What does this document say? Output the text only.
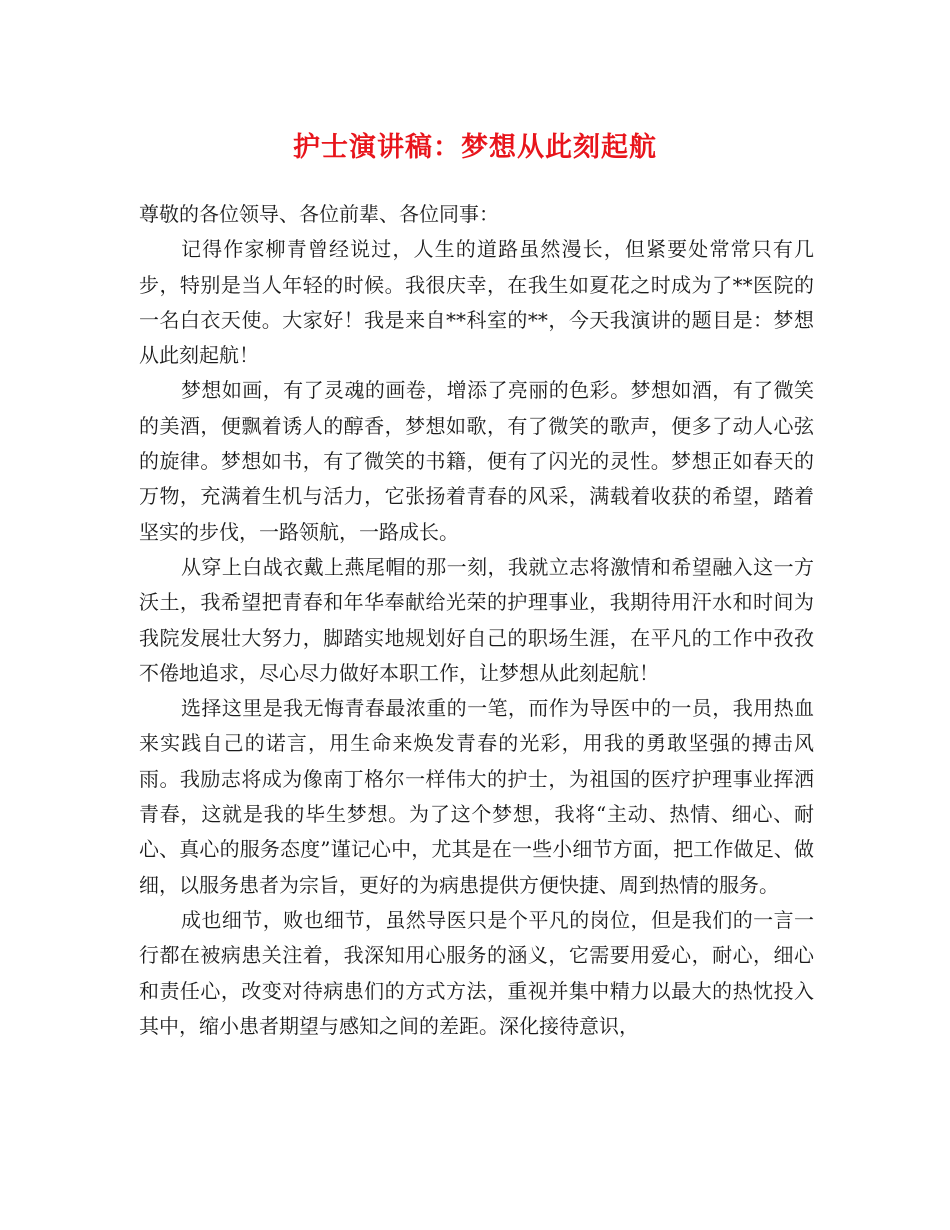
护士演讲稿：梦想从此刻起航

尊敬的各位领导、各位前辈、各位同事：

记得作家柳青曾经说过，人生的道路虽然漫长，但紧要处常常只有几步，特别是当人年轻的时候。我很庆幸，在我生如夏花之时成为了**医院的一名白衣天使。大家好！我是来自**科室的**，今天我演讲的题目是：梦想从此刻起航！

梦想如画，有了灵魂的画卷，增添了亮丽的色彩。梦想如酒，有了微笑的美酒，便飘着诱人的醇香，梦想如歌，有了微笑的歌声，便多了动人心弦的旋律。梦想如书，有了微笑的书籍，便有了闪光的灵性。梦想正如春天的万物，充满着生机与活力，它张扬着青春的风采，满载着收获的希望，踏着坚实的步伐，一路领航，一路成长。

从穿上白战衣戴上燕尾帽的那一刻，我就立志将激情和希望融入这一方沃土，我希望把青春和年华奉献给光荣的护理事业，我期待用汗水和时间为我院发展壮大努力，脚踏实地规划好自己的职场生涯，在平凡的工作中孜孜不倦地追求，尽心尽力做好本职工作，让梦想从此刻起航！

选择这里是我无悔青春最浓重的一笔，而作为导医中的一员，我用热血来实践自己的诺言，用生命来焕发青春的光彩，用我的勇敢坚强的搏击风雨。我励志将成为像南丁格尔一样伟大的护士，为祖国的医疗护理事业挥洒青春，这就是我的毕生梦想。为了这个梦想，我将“主动、热情、细心、耐心、真心的服务态度”谨记心中，尤其是在一些小细节方面，把工作做足、做细，以服务患者为宗旨，更好的为病患提供方便快捷、周到热情的服务。

成也细节，败也细节，虽然导医只是个平凡的岗位，但是我们的一言一行都在被病患关注着，我深知用心服务的涵义，它需要用爱心，耐心，细心和责任心，改变对待病患们的方式方法，重视并集中精力以最大的热忱投入其中，缩小患者期望与感知之间的差距。深化接待意识，
